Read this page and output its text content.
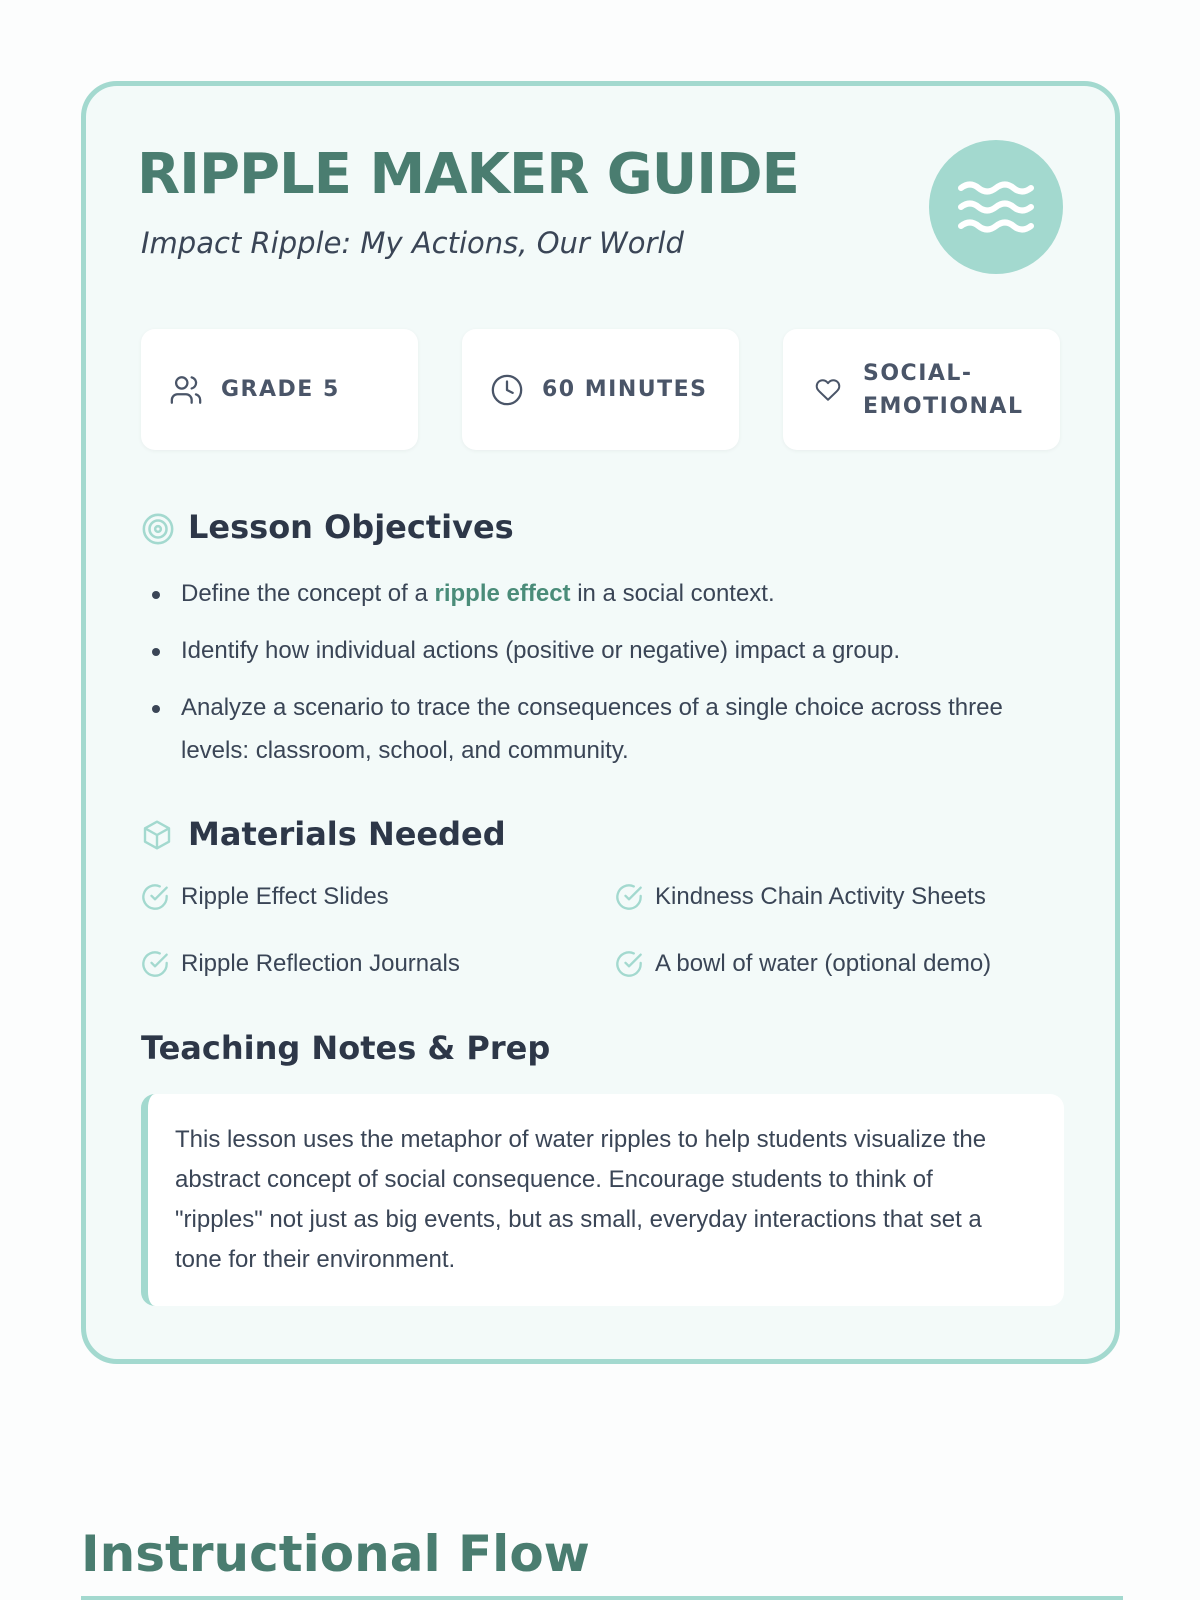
RIPPLE MAKER GUIDE
Impact Ripple: My Actions, Our World
GRADE 5	60 MINUTES
SOCIAL-
EMOTIONAL
Lesson Objectives
Define the concept of a ripple effect in a social context.
Identify how individual actions (positive or negative) impact a group.
Analyze a scenario to trace the consequences of a single choice across three levels: classroom, school, and community.
Materials Needed
Ripple Effect Slides	Kindness Chain Activity Sheets
Ripple Reflection Journals	A bowl of water (optional demo)
Teaching Notes & Prep
This lesson uses the metaphor of water ripples to help students visualize the abstract concept of social consequence. Encourage students to think of "ripples" not just as big events, but as small, everyday interactions that set a tone for their environment.
Instructional Flow
